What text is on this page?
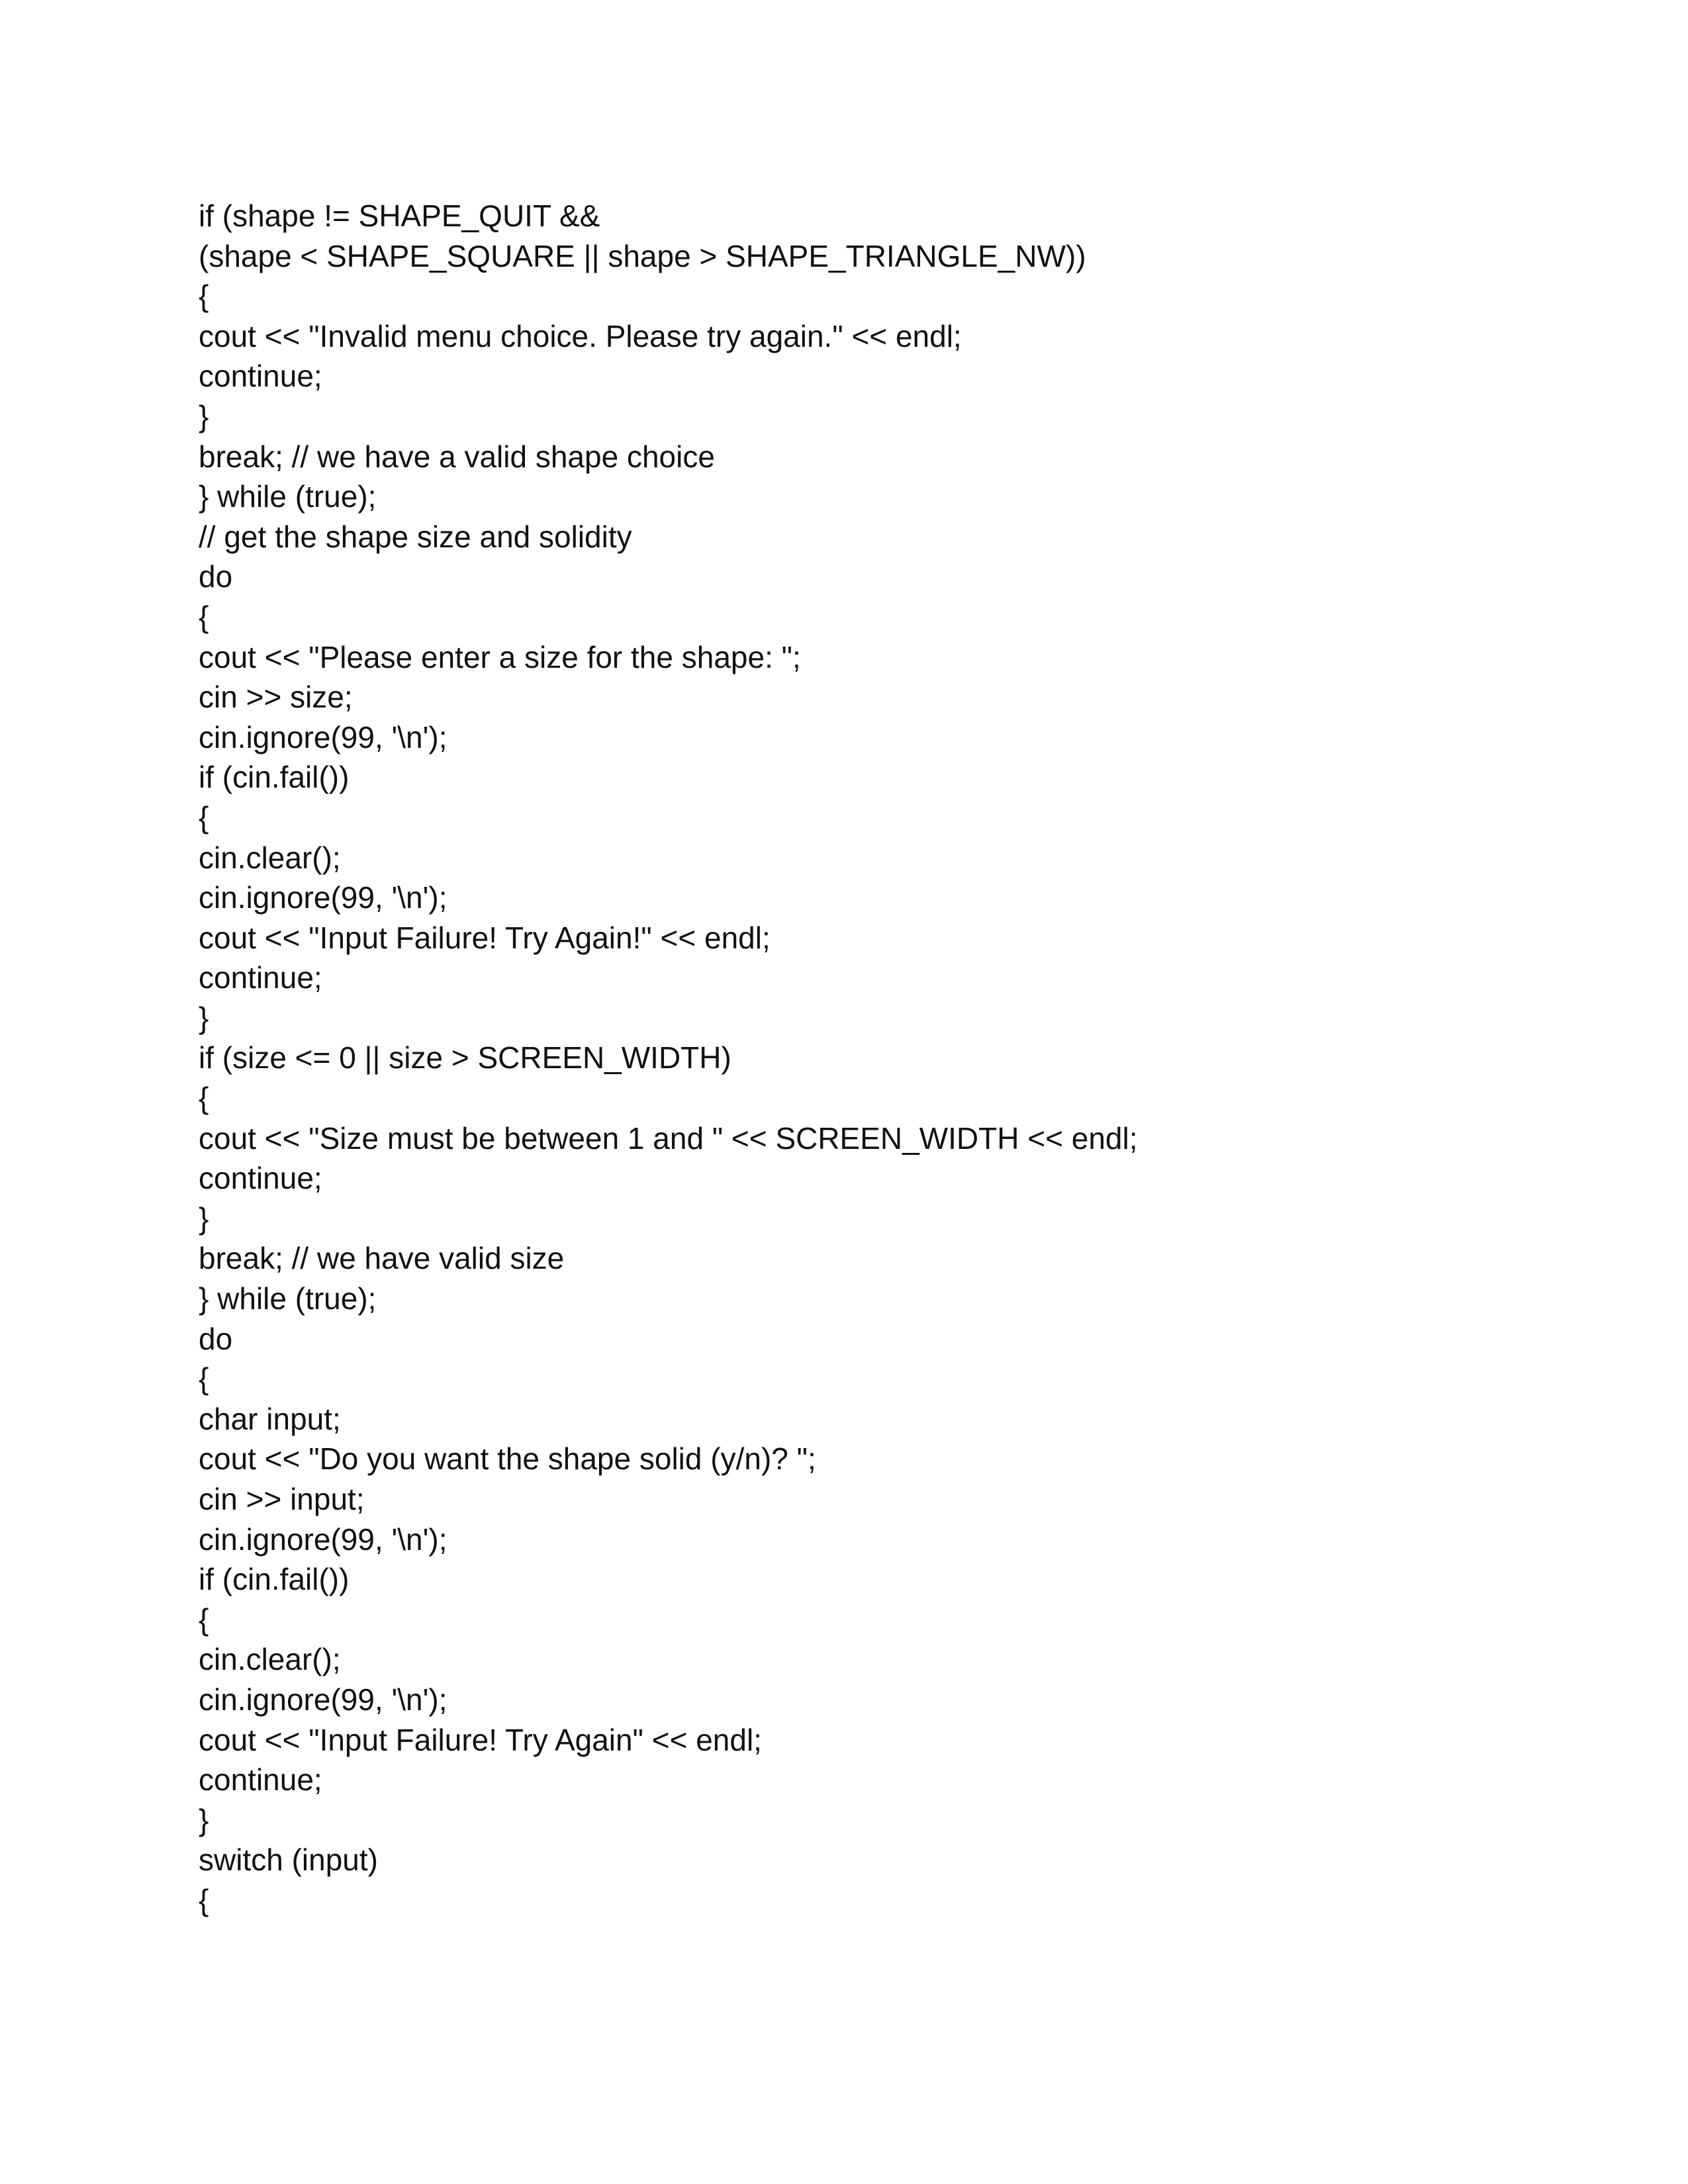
if (shape != SHAPE_QUIT &&
(shape < SHAPE_SQUARE || shape > SHAPE_TRIANGLE_NW))
{
cout << "Invalid menu choice. Please try again." << endl;
continue;
}
break; // we have a valid shape choice
} while (true);
// get the shape size and solidity
do
{
cout << "Please enter a size for the shape: ";
cin >> size;
cin.ignore(99, '\n');
if (cin.fail())
{
cin.clear();
cin.ignore(99, '\n');
cout << "Input Failure! Try Again!" << endl;
continue;
}
if (size <= 0 || size > SCREEN_WIDTH)
{
cout << "Size must be between 1 and " << SCREEN_WIDTH << endl;
continue;
}
break; // we have valid size
} while (true);
do
{
char input;
cout << "Do you want the shape solid (y/n)? ";
cin >> input;
cin.ignore(99, '\n');
if (cin.fail())
{
cin.clear();
cin.ignore(99, '\n');
cout << "Input Failure! Try Again" << endl;
continue;
}
switch (input)
{
